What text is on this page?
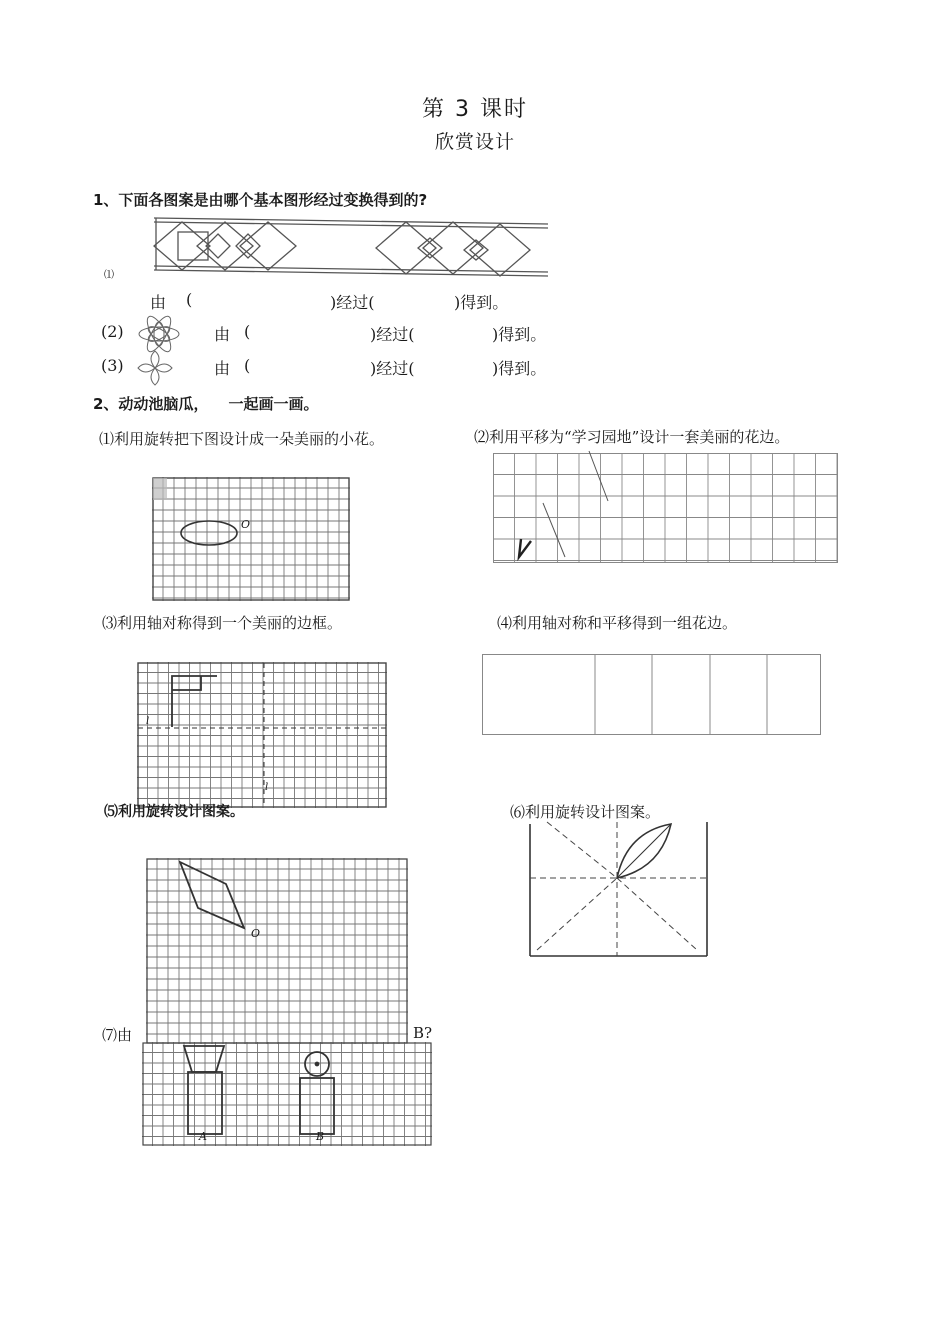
第 3 课时
欣赏设计
1、下面各图案是由哪个基本图形经过变换得到的?
⑴
由 (	)经过(	)得到。
(2)	由 (	)经过(	)得到。
(3)	由 (	)经过(	)得到。
2、动动池脑瓜， 一起画一画。
⑴利用旋转把下图设计成一朵美丽的小花。	⑵利用平移为“学习园地”设计一套美丽的花边。
O
⑶利用轴对称得到一个美丽的边框。	⑷利用轴对称和平移得到一组花边。
l
l
⑸利用旋转设计图案。	⑹利用旋转设计图案。
O
⑺由	B?
A	B
